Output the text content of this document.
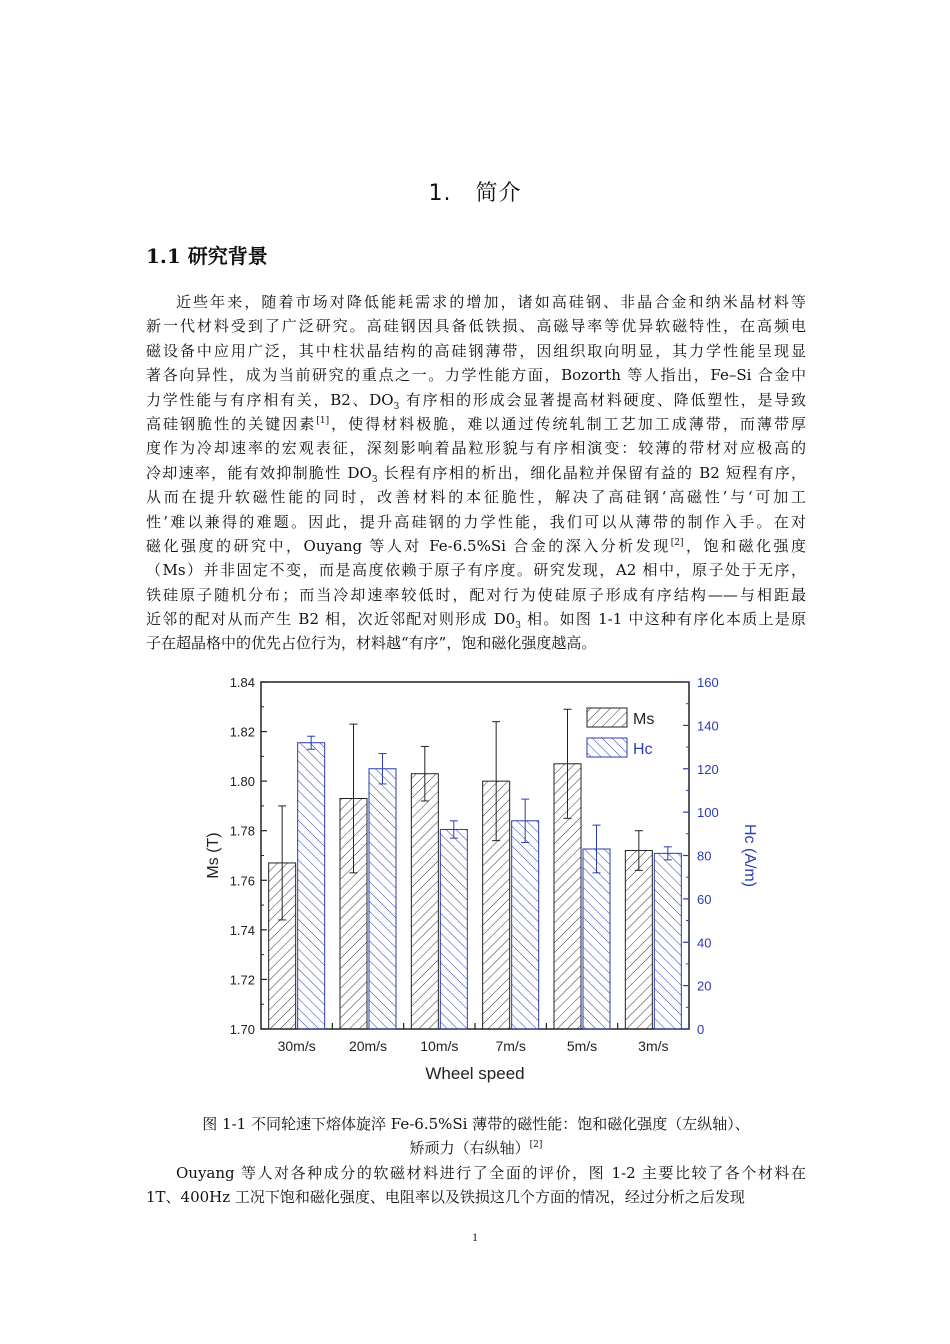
1. 简介
1.1 研究背景
近些年来，随着市场对降低能耗需求的增加，诸如高硅钢、非晶合金和纳米晶材料等
新一代材料受到了广泛研究。高硅钢因具备低铁损、高磁导率等优异软磁特性，在高频电
磁设备中应用广泛，其中柱状晶结构的高硅钢薄带，因组织取向明显，其力学性能呈现显
著各向异性，成为当前研究的重点之一。力学性能方面，Bozorth 等人指出，Fe–Si 合金中
力学性能与有序相有关，B2、$DO_3$ 有序相的形成会显著提高材料硬度、降低塑性，是导致
高硅钢脆性的关键因素[1]，使得材料极脆，难以通过传统轧制工艺加工成薄带，而薄带厚
度作为冷却速率的宏观表征，深刻影响着晶粒形貌与有序相演变：较薄的带材对应极高的
冷却速率，能有效抑制脆性 $DO_3$ 长程有序相的析出，细化晶粒并保留有益的 B2 短程有序，
从而在提升软磁性能的同时，改善材料的本征脆性，解决了高硅钢‘高磁性’与‘可加工
性’难以兼得的难题。因此，提升高硅钢的力学性能，我们可以从薄带的制作入手。在对
磁化强度的研究中，Ouyang 等人对 Fe-6.5%Si 合金的深入分析发现[2]，饱和磁化强度
（Ms）并非固定不变，而是高度依赖于原子有序度。研究发现，A2 相中，原子处于无序，
铁硅原子随机分布；而当冷却速率较低时，配对行为使硅原子形成有序结构——与相距最
近邻的配对从而产生 B2 相，次近邻配对则形成 $D0_3$ 相。如图 1-1 中这种有序化本质上是原
子在超晶格中的优先占位行为，材料越“有序”，饱和磁化强度越高。
1.70
1.72
1.74
1.76
1.78
1.80
1.82
1.84
0
20
40
60
80
100
120
140
160
30m/s 20m/s 10m/s	7m/s	5m/s	3m/s
Wheel speed
Ms (T)	Hc (A/m)
Ms
Hc
图 1-1 不同轮速下熔体旋淬 Fe-6.5%Si 薄带的磁性能：饱和磁化强度（左纵轴）、
矫顽力（右纵轴）[2]
Ouyang 等人对各种成分的软磁材料进行了全面的评价，图 1-2 主要比较了各个材料在
1T、400Hz 工况下饱和磁化强度、电阻率以及铁损这几个方面的情况，经过分析之后发现
1
